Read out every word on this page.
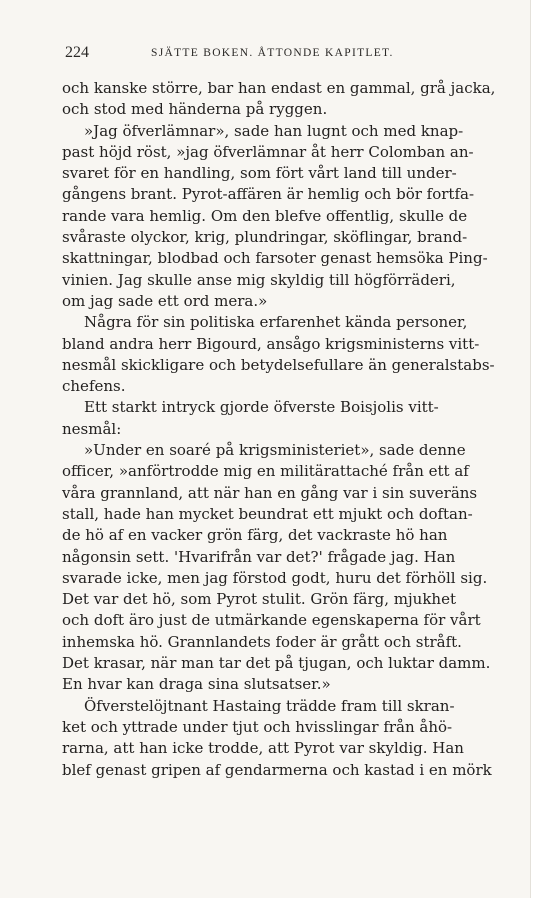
224	SJÄTTE BOKEN. ÅTTONDE KAPITLET.
och kanske större, bar han endast en gammal, grå jacka,
och stod med händerna på ryggen.
»Jag öfverlämnar», sade han lugnt och med knap-
past höjd röst, »jag öfverlämnar åt herr Colomban an-
svaret för en handling, som fört vårt land till under-
gångens brant. Pyrot-affären är hemlig och bör fortfa-
rande vara hemlig. Om den blefve offentlig, skulle de
svåraste olyckor, krig, plundringar, sköflingar, brand-
skattningar, blodbad och farsoter genast hemsöka Ping-
vinien. Jag skulle anse mig skyldig till högförräderi,
om jag sade ett ord mera.»
Några för sin politiska erfarenhet kända personer,
bland andra herr Bigourd, ansågo krigsministerns vitt-
nesmål skickligare och betydelsefullare än generalstabs-
chefens.
Ett starkt intryck gjorde öfverste Boisjolis vitt-
nesmål:
»Under en soaré på krigsministeriet», sade denne
officer, »anförtrodde mig en militärattaché från ett af
våra grannland, att när han en gång var i sin suveräns
stall, hade han mycket beundrat ett mjukt och doftan-
de hö af en vacker grön färg, det vackraste hö han
någonsin sett. 'Hvarifrån var det?' frågade jag. Han
svarade icke, men jag förstod godt, huru det förhöll sig.
Det var det hö, som Pyrot stulit. Grön färg, mjukhet
och doft äro just de utmärkande egenskaperna för vårt
inhemska hö. Grannlandets foder är grått och stråft.
Det krasar, när man tar det på tjugan, och luktar damm.
En hvar kan draga sina slutsatser.»
Öfverstelöjtnant Hastaing trädde fram till skran-
ket och yttrade under tjut och hvisslingar från åhö-
rarna, att han icke trodde, att Pyrot var skyldig. Han
blef genast gripen af gendarmerna och kastad i en mörk
